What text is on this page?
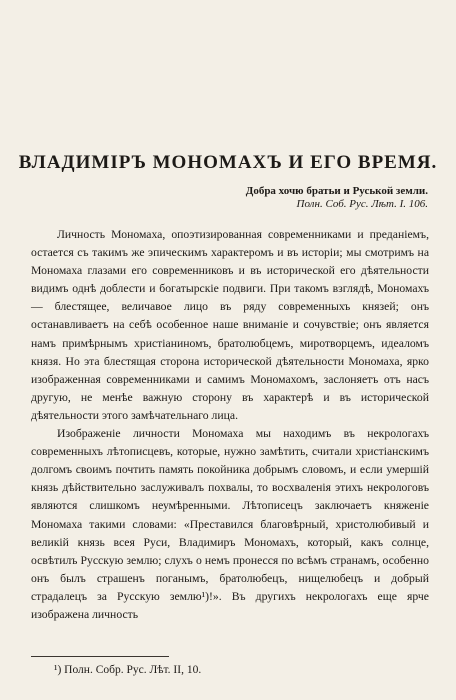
ВЛАДИМIРЪ МОНОМАХЪ И ЕГО ВРЕМЯ.
Добра хочю братьи и Руськой земли.
Полн. Соб. Рус. Лѣт. I. 106.

Личность Мономаха, опоэтизированная современниками и преданіемъ, остается съ такимъ же эпическимъ характеромъ и въ исторіи; мы смотримъ на Мономаха глазами его современниковъ и въ исторической его дѣятельности видимъ однѣ доблести и богатырскіе подвиги. При такомъ взглядѣ, Мономахъ — блестящее, величавое лицо въ ряду современныхъ князей; онъ останавливаетъ на себѣ особенное наше вниманіе и сочувствіе; онъ является намъ примѣрнымъ христіаниномъ, братолюбцемъ, миротворцемъ, идеаломъ князя. Но эта блестящая сторона исторической дѣятельности Мономаха, ярко изображенная современниками и самимъ Мономахомъ, заслоняетъ отъ насъ другую, не менѣе важную сторону въ характерѣ и въ исторической дѣятельности этого замѣчательнаго лица.

Изображеніе личности Мономаха мы находимъ въ некрологахъ современныхъ лѣтописцевъ, которые, нужно замѣтить, считали христіанскимъ долгомъ своимъ почтить память покойника добрымъ словомъ, и если умершій князь дѣйствительно заслуживалъ похвалы, то восхваленія этихъ некрологовъ являются слишкомъ неумѣренными. Лѣтописецъ заключаетъ княженіе Мономаха такими словами: «Преставился благовѣрный, христолюбивый и великій князь всея Руси, Владимиръ Мономахъ, который, какъ солнце, освѣтилъ Русскую землю; слухъ о немъ пронесся по всѣмъ странамъ, особенно онъ былъ страшенъ поганымъ, братолюбецъ, нищелюбецъ и добрый страдалецъ за Русскую землю¹)!». Въ другихъ некрологахъ еще ярче изображена личность

¹) Полн. Собр. Рус. Лѣт. II, 10.
